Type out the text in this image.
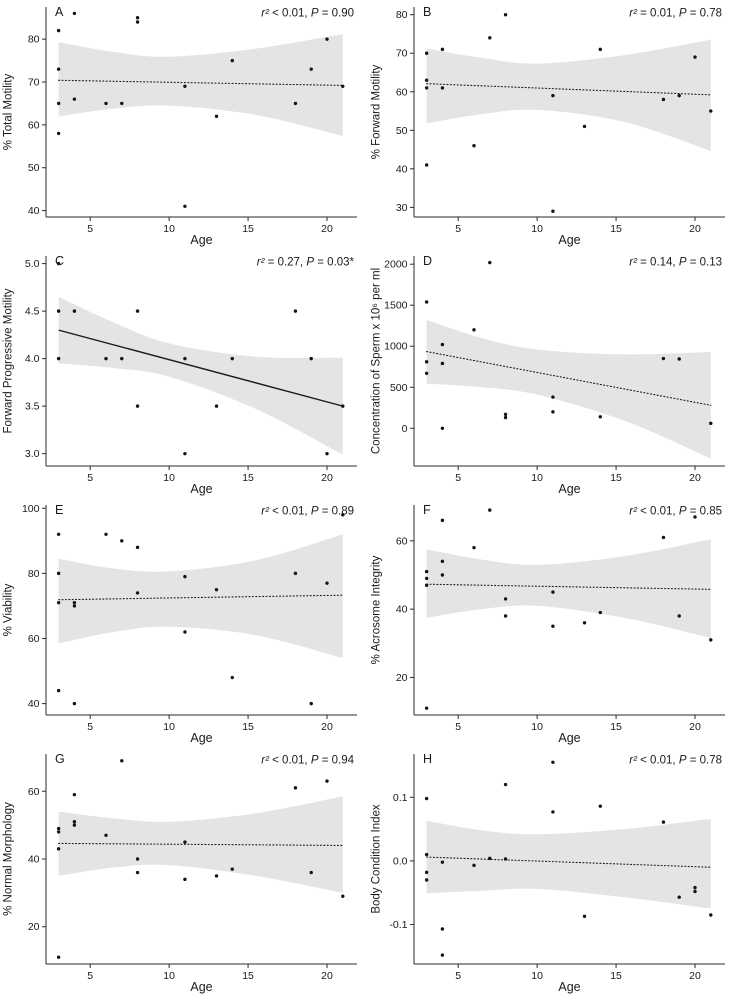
40
50
60
70
80
5	10	15	20
A	r² < 0.01, P = 0.90
% Total Motility
Age
30
40
50
60
70
80
5	10	15	20
B	r² = 0.01, P = 0.78
% Forward Motility
Age
3.0
3.5
4.0
4.5
5.0
5	10	15	20
C	r² = 0.27, P = 0.03*
Forward Progressive Motility
Age
0
500
1000
1500
2000
5	10	15	20
D	r² = 0.14, P = 0.13
Concentration of Sperm x 10⁶ per ml
Age
40
60
80
100
5	10	15	20
E	r² < 0.01, P = 0.89
% Viability
Age
20
40
60
5	10	15	20
F	r² < 0.01, P = 0.85
% Acrosome Integrity
Age
20
40
60
5	10	15	20
G	r² < 0.01, P = 0.94
% Normal Morphology
Age
-0.1
0.0
0.1
5	10	15	20
H	r² < 0.01, P = 0.78
Body Condition Index
Age
